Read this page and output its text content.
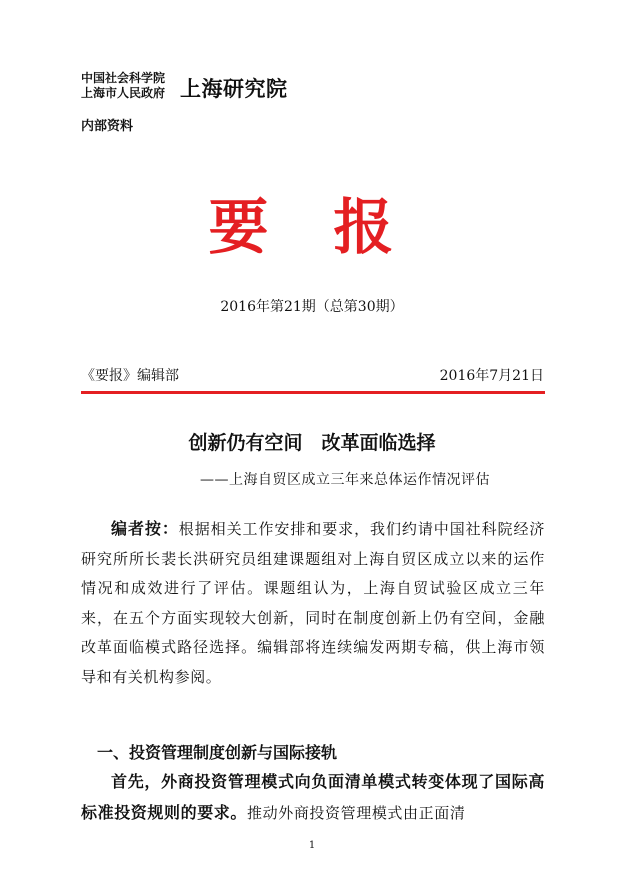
中国社会科学院
上海市人民政府 上海研究院
内部资料
要 报
2016年第21期（总第30期）
《要报》编辑部	2016年7月21日
创新仍有空间　改革面临选择
——上海自贸区成立三年来总体运作情况评估
编者按：根据相关工作安排和要求，我们约请中国社科院经济研究所所长裴长洪研究员组建课题组对上海自贸区成立以来的运作情况和成效进行了评估。课题组认为，上海自贸试验区成立三年来，在五个方面实现较大创新，同时在制度创新上仍有空间，金融改革面临模式路径选择。编辑部将连续编发两期专稿，供上海市领导和有关机构参阅。
一、投资管理制度创新与国际接轨
首先，外商投资管理模式向负面清单模式转变体现了国际高标准投资规则的要求。推动外商投资管理模式由正面清
1
